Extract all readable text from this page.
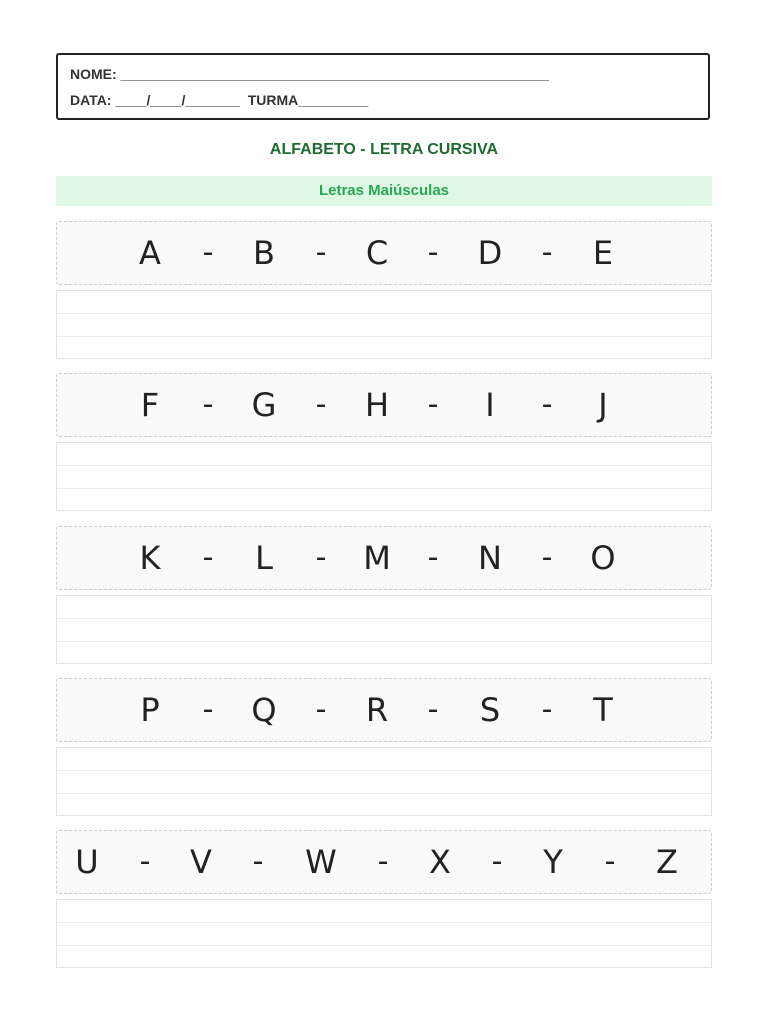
NOME: _______________________________________________________
DATA: ____/____/_______  TURMA_________
ALFABETO - LETRA CURSIVA
Letras Maiúsculas
A - B - C - D - E
F - G - H - I - J
K - L - M - N - O
P - Q - R - S - T
U - V - W - X - Y - Z
